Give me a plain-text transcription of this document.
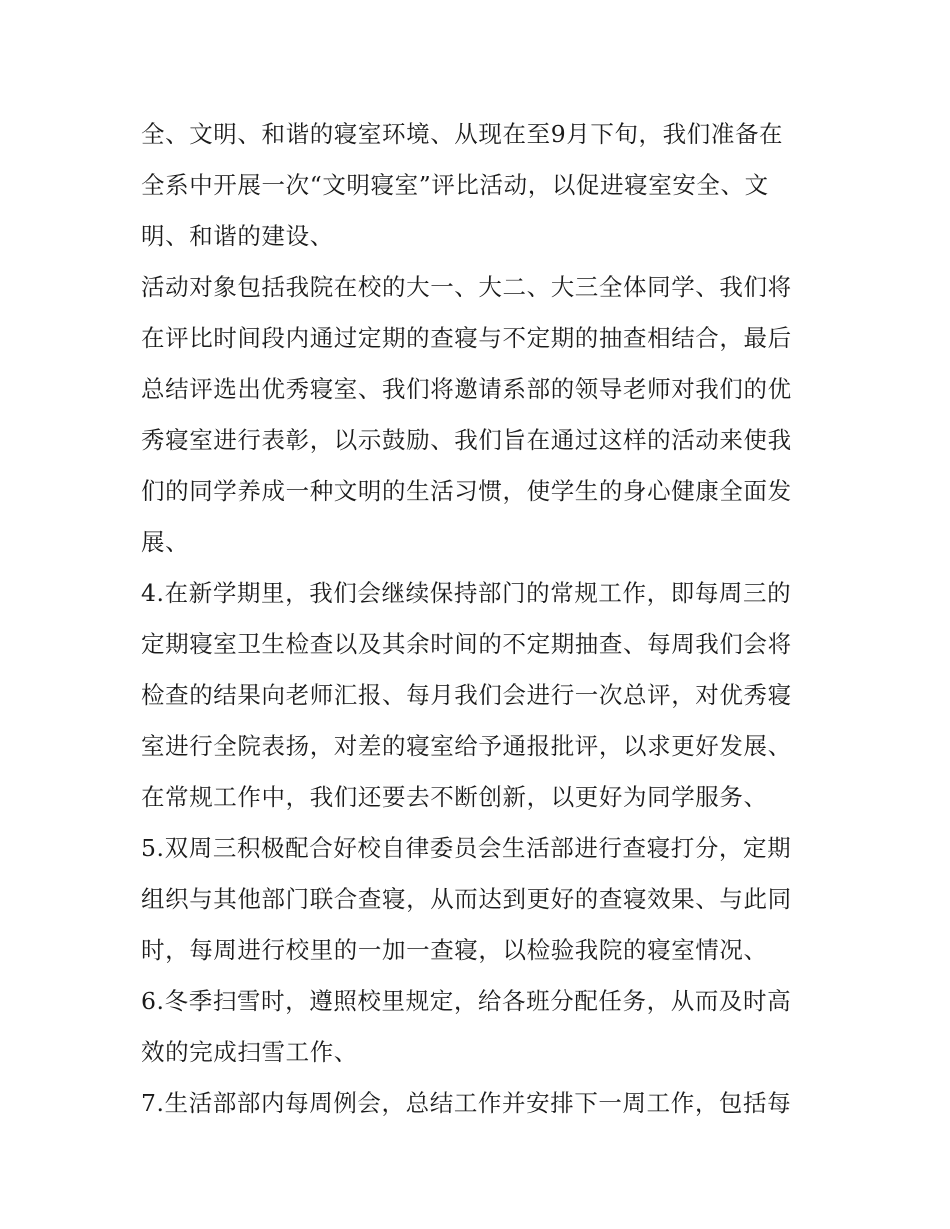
全、文明、和谐的寝室环境、从现在至9月下旬，我们准备在
全系中开展一次“文明寝室”评比活动，以促进寝室安全、文
明、和谐的建设、
活动对象包括我院在校的大一、大二、大三全体同学、我们将
在评比时间段内通过定期的查寝与不定期的抽查相结合，最后
总结评选出优秀寝室、我们将邀请系部的领导老师对我们的优
秀寝室进行表彰，以示鼓励、我们旨在通过这样的活动来使我
们的同学养成一种文明的生活习惯，使学生的身心健康全面发
展、
4.在新学期里，我们会继续保持部门的常规工作，即每周三的
定期寝室卫生检查以及其余时间的不定期抽查、每周我们会将
检查的结果向老师汇报、每月我们会进行一次总评，对优秀寝
室进行全院表扬，对差的寝室给予通报批评，以求更好发展、
在常规工作中，我们还要去不断创新，以更好为同学服务、
5.双周三积极配合好校自律委员会生活部进行查寝打分，定期
组织与其他部门联合查寝，从而达到更好的查寝效果、与此同
时，每周进行校里的一加一查寝，以检验我院的寝室情况、
6.冬季扫雪时，遵照校里规定，给各班分配任务，从而及时高
效的完成扫雪工作、
7.生活部部内每周例会，总结工作并安排下一周工作，包括每
